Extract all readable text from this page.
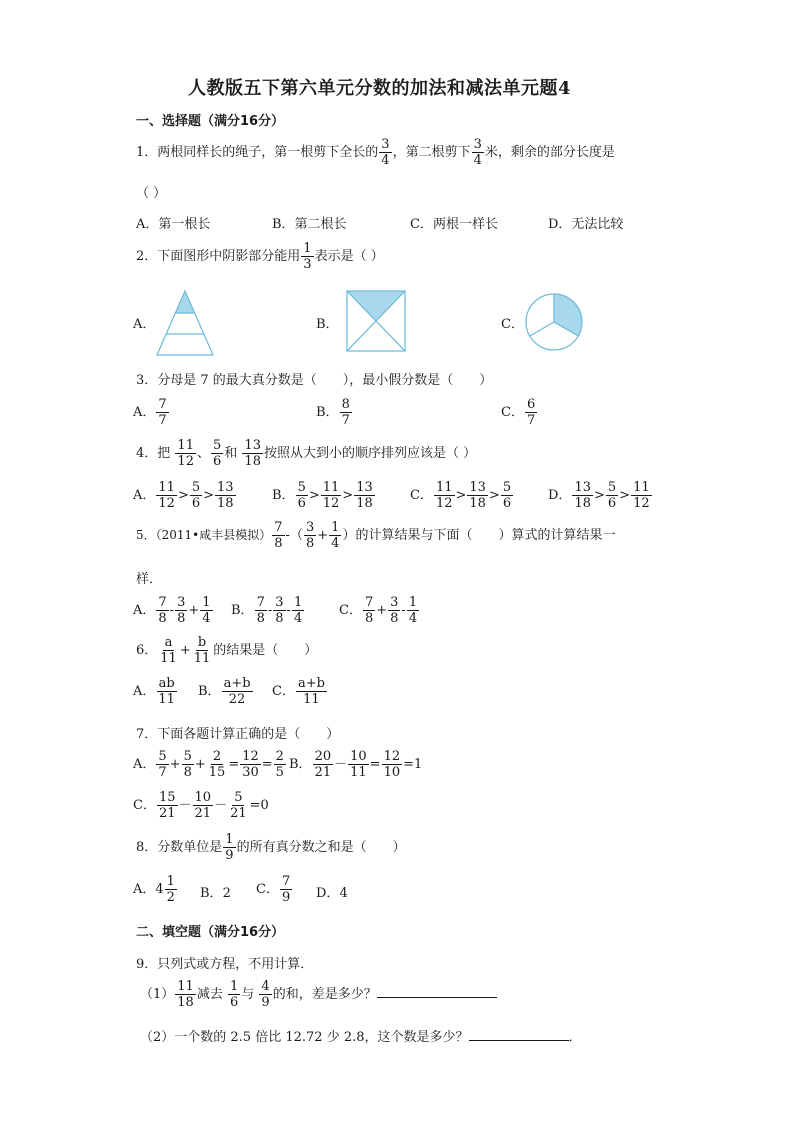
人教版五下第六单元分数的加法和减法单元题4
一、选择题（满分16分）
1．两根同样长的绳子，第一根剪下全长的 $\frac{3}{4}$ ，第二根剪下 $\frac{3}{4}$ 米，剩余的部分长度是
（ ）
A．第一根长	B．第二根长	C．两根一样长	D．无法比较
2．下面图形中阴影部分能用 $\frac{1}{3}$ 表示是（ ）
A．	B．	C．
3．分母是 7 的最大真分数是（　　），最小假分数是（　　）
A． $\frac{7}{7}$	B． $\frac{8}{7}$	C． $\frac{6}{7}$
4．把 $\frac{11}{12}$ 、 $\frac{5}{6}$ 和 $\frac{13}{18}$ 按照从大到小的顺序排列应该是（ ）
A． $\frac{11}{12} > \frac{5}{6} > \frac{13}{18}$	B． $\frac{5}{6} > \frac{11}{12} > \frac{13}{18}$	C． $\frac{11}{12} > \frac{13}{18} > \frac{5}{6}$	D． $\frac{13}{18} > \frac{5}{6} > \frac{11}{12}$
5．（2011•咸丰县模拟） $\frac{7}{8}$ -（ $\frac{3}{8} + \frac{1}{4}$ ）的计算结果与下面（　　）算式的计算结果一
样．
A． $\frac{7}{8} - \frac{3}{8} + \frac{1}{4}$ B． $\frac{7}{8} - \frac{3}{8} - \frac{1}{4}$	C． $\frac{7}{8} + \frac{3}{8} - \frac{1}{4}$
6． $\frac{a}{11} + \frac{b}{11}$ 的结果是（　　）
A． $\frac{ab}{11}$ B． $\frac{a+b}{22}$ C． $\frac{a+b}{11}$
7．下面各题计算正确的是（　　）
A． $\frac{5}{7} + \frac{5}{8} + \frac{2}{15} = \frac{12}{30} = \frac{2}{5}$ B． $\frac{20}{21} - \frac{10}{11} = \frac{12}{10} =1$
C． $\frac{15}{21} - \frac{10}{21} - \frac{5}{21} =0$
8．分数单位是 $\frac{1}{9}$ 的所有真分数之和是（　　）
A．$4 \frac{1}{2}$ B．2 C． $\frac{7}{9}$ D．4
二、填空题（满分16分）
9．只列式或方程，不用计算．
$(1) \frac{11}{18}$ 减去 $\frac{1}{6}$ 与 $\frac{4}{9}$ 的和，差是多少？
（2）一个数的 2.5 倍比 12.72 少 2.8，这个数是多少？	．
